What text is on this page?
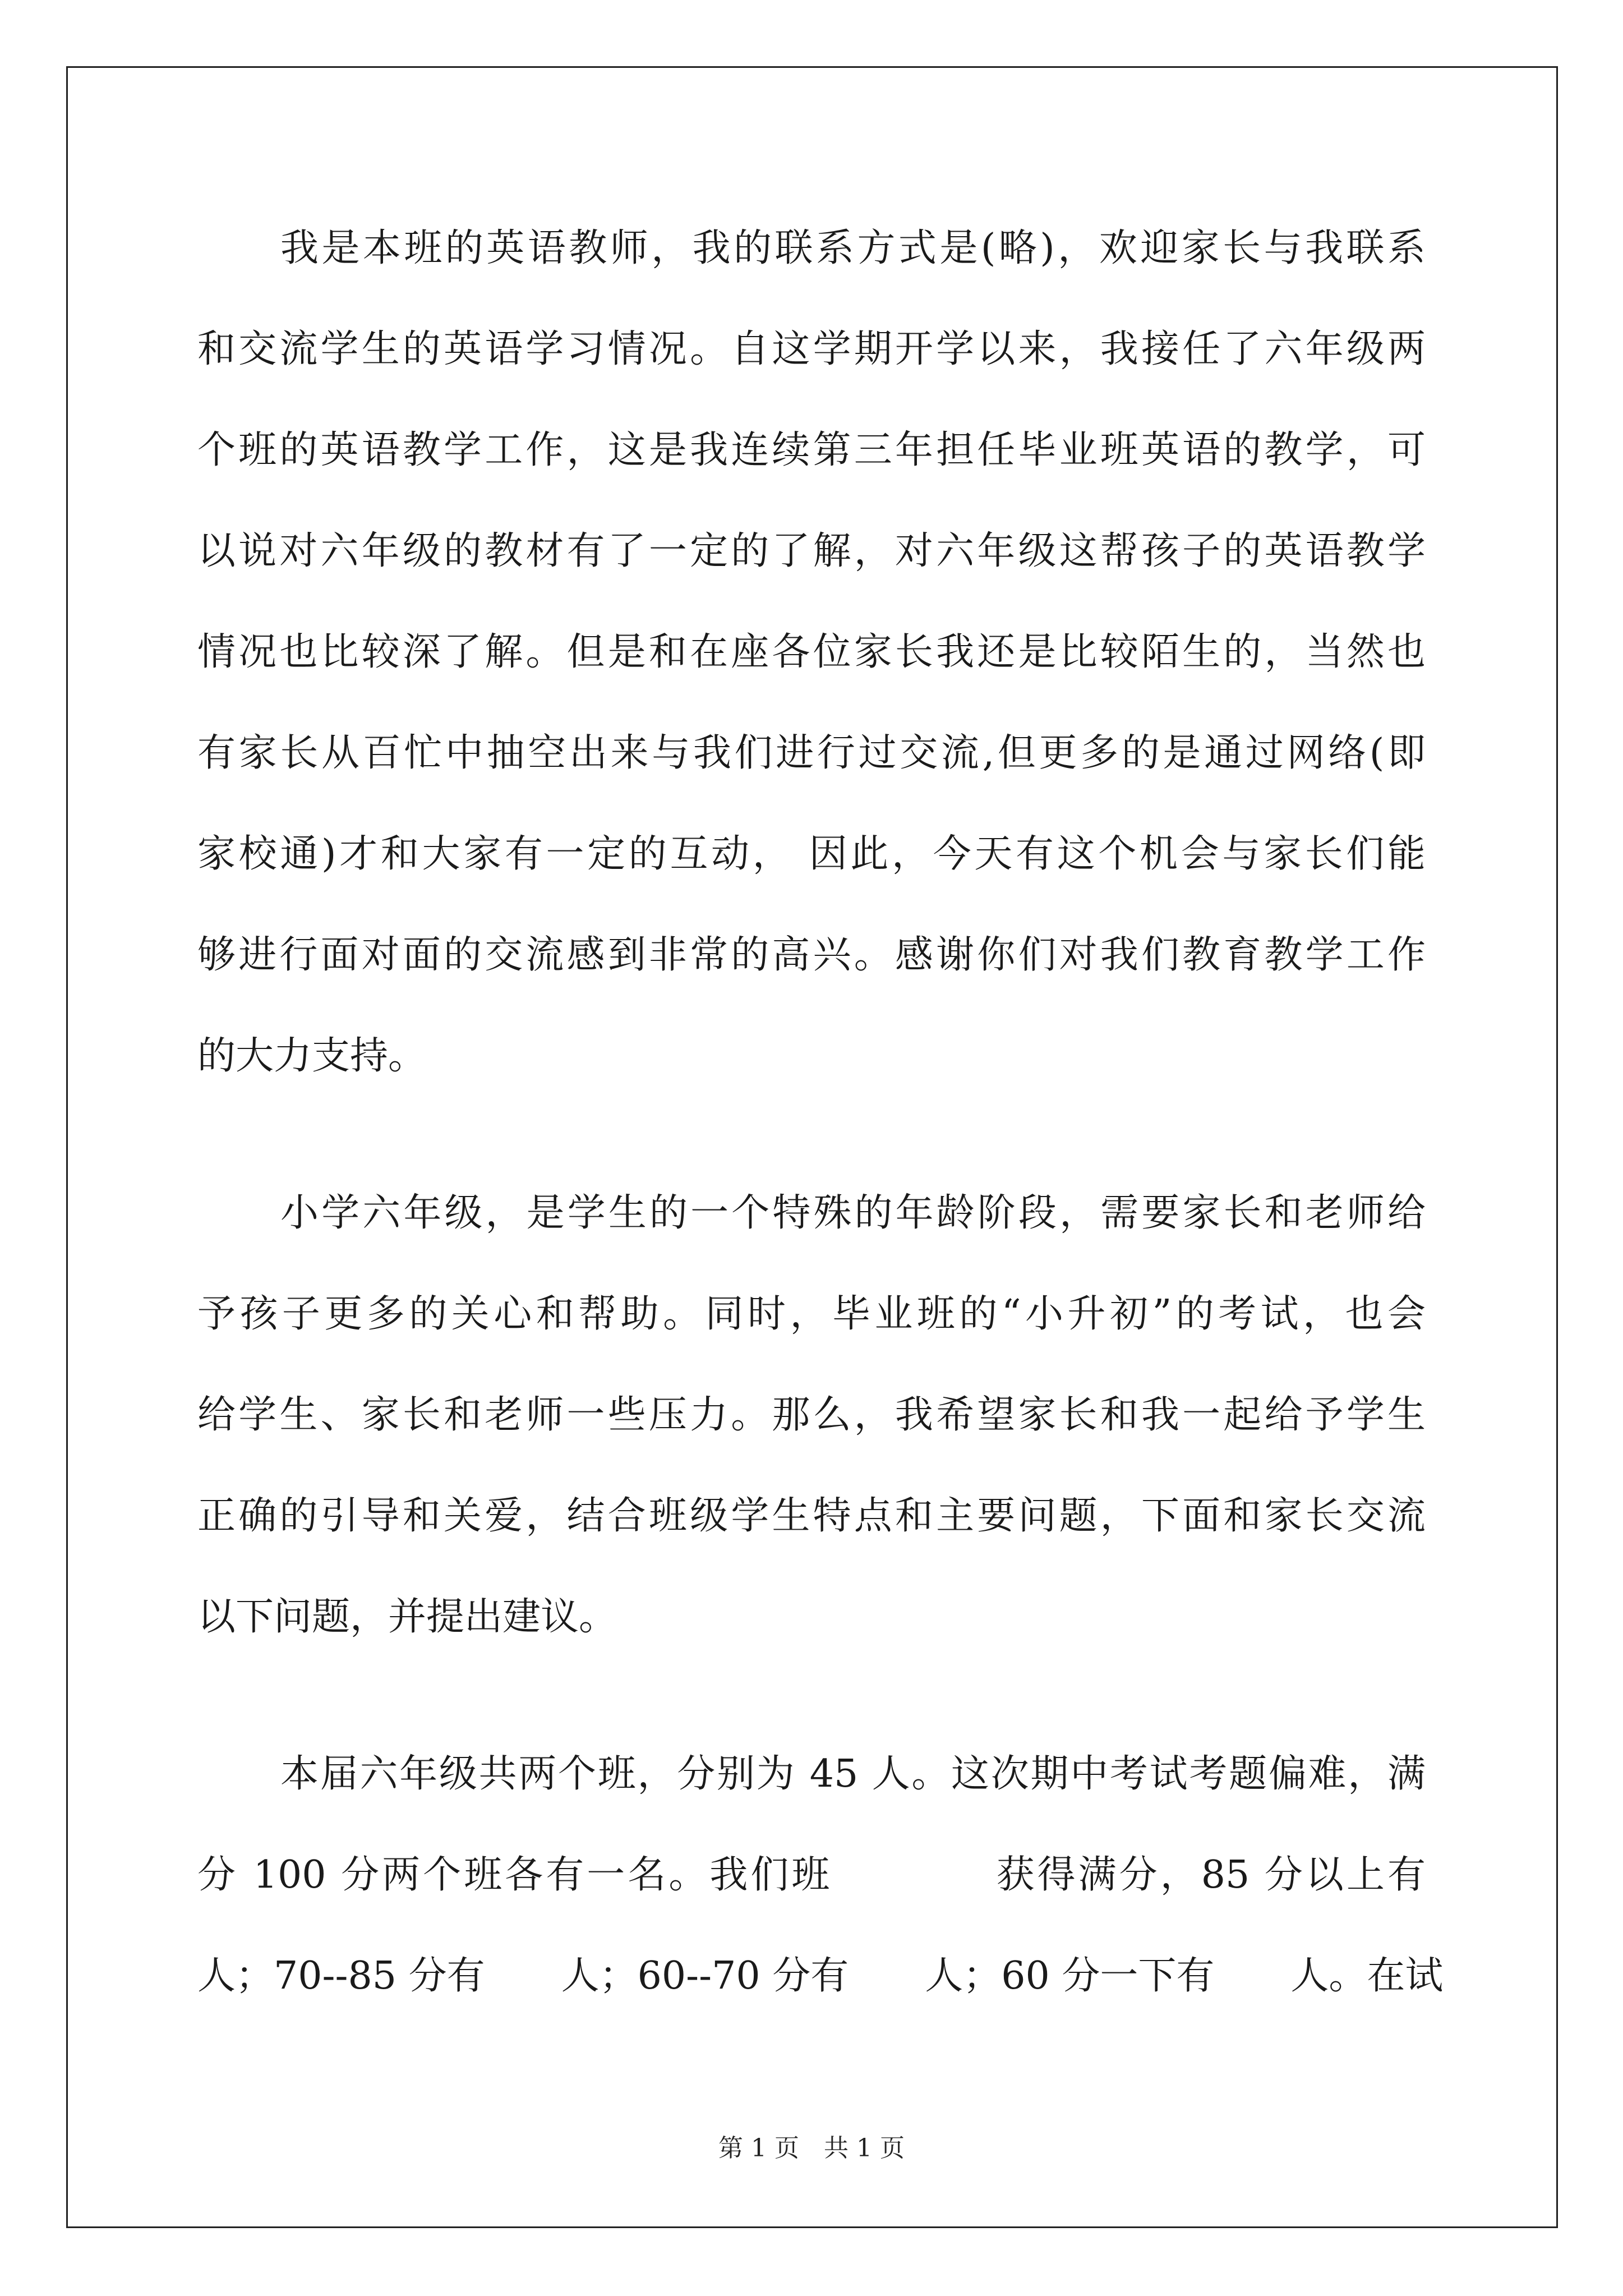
我是本班的英语教师，我的联系方式是(略)，欢迎家长与我联系
和交流学生的英语学习情况。自这学期开学以来，我接任了六年级两
个班的英语教学工作，这是我连续第三年担任毕业班英语的教学，可
以说对六年级的教材有了一定的了解，对六年级这帮孩子的英语教学
情况也比较深了解。但是和在座各位家长我还是比较陌生的，当然也
有家长从百忙中抽空出来与我们进行过交流,但更多的是通过网络(即
家校通)才和大家有一定的互动， 因此，今天有这个机会与家长们能
够进行面对面的交流感到非常的高兴。感谢你们对我们教育教学工作
的大力支持。
小学六年级，是学生的一个特殊的年龄阶段，需要家长和老师给
予孩子更多的关心和帮助。同时，毕业班的“小升初”的考试，也会
给学生、家长和老师一些压力。那么，我希望家长和我一起给予学生
正确的引导和关爱，结合班级学生特点和主要问题，下面和家长交流
以下问题，并提出建议。
本届六年级共两个班，分别为 45 人。这次期中考试考题偏难，满
分 100 分两个班各有一名。我们班　　　　获得满分，85 分以上有
人；70--85 分有　　人；60--70 分有　　人；60 分一下有　　人。在试
第 1 页　共 1 页
